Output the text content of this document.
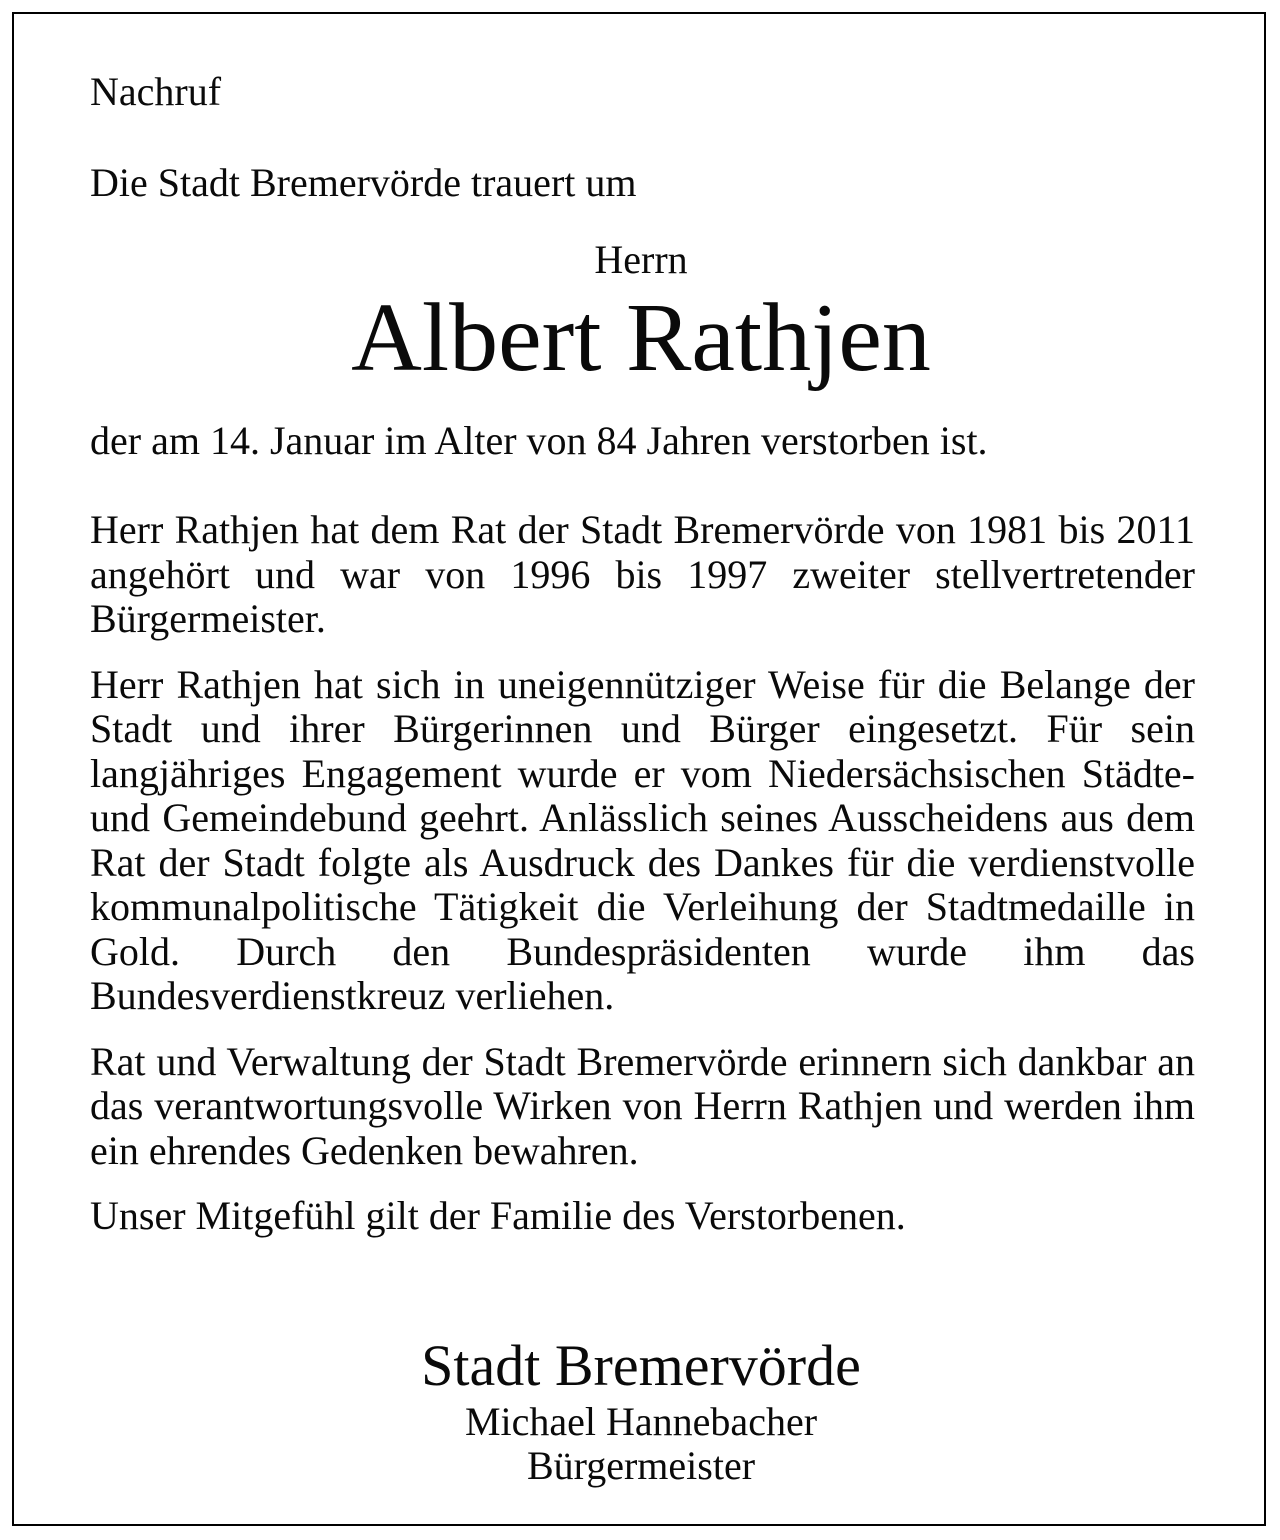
Nachruf

Die Stadt Bremervörde trauert um

Herrn

Albert Rathjen

der am 14. Januar im Alter von 84 Jahren verstorben ist.

Herr Rathjen hat dem Rat der Stadt Bremervörde von 1981 bis 2011 angehört und war von 1996 bis 1997 zweiter stellvertretender Bürgermeister.

Herr Rathjen hat sich in uneigennütziger Weise für die Belange der Stadt und ihrer Bürgerinnen und Bürger eingesetzt. Für sein langjähriges Engagement wurde er vom Niedersächsischen Städte- und Gemeindebund geehrt. Anlässlich seines Ausscheidens aus dem Rat der Stadt folgte als Ausdruck des Dankes für die verdienstvolle kommunalpolitische Tätigkeit die Verleihung der Stadtmedaille in Gold. Durch den Bundespräsidenten wurde ihm das Bundesverdienstkreuz verliehen.

Rat und Verwaltung der Stadt Bremervörde erinnern sich dankbar an das verantwortungsvolle Wirken von Herrn Rathjen und werden ihm ein ehrendes Gedenken bewahren.

Unser Mitgefühl gilt der Familie des Verstorbenen.

Stadt Bremervörde

Michael Hannebacher

Bürgermeister
